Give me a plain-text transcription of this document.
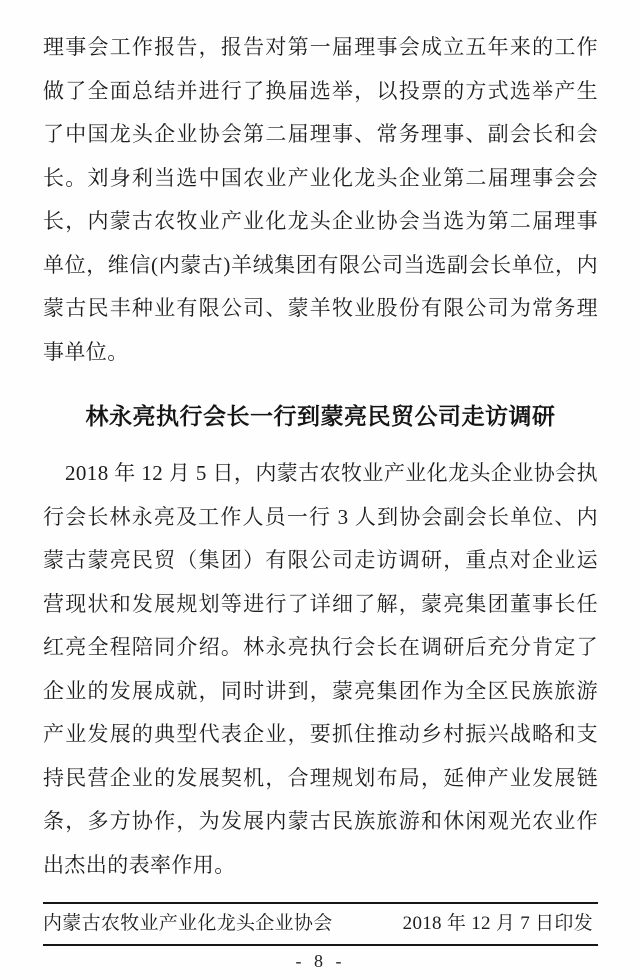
理事会工作报告，报告对第一届理事会成立五年来的工作做了全面总结并进行了换届选举，以投票的方式选举产生了中国龙头企业协会第二届理事、常务理事、副会长和会长。刘身利当选中国农业产业化龙头企业第二届理事会会长，内蒙古农牧业产业化龙头企业协会当选为第二届理事单位，维信(内蒙古)羊绒集团有限公司当选副会长单位，内蒙古民丰种业有限公司、蒙羊牧业股份有限公司为常务理事单位。

林永亮执行会长一行到蒙亮民贸公司走访调研

2018 年 12 月 5 日，内蒙古农牧业产业化龙头企业协会执行会长林永亮及工作人员一行 3 人到协会副会长单位、内蒙古蒙亮民贸（集团）有限公司走访调研，重点对企业运营现状和发展规划等进行了详细了解，蒙亮集团董事长任红亮全程陪同介绍。林永亮执行会长在调研后充分肯定了企业的发展成就，同时讲到，蒙亮集团作为全区民族旅游产业发展的典型代表企业，要抓住推动乡村振兴战略和支持民营企业的发展契机，合理规划布局，延伸产业发展链条，多方协作，为发展内蒙古民族旅游和休闲观光农业作出杰出的表率作用。

内蒙古农牧业产业化龙头企业协会	2018 年 12 月 7 日印发
- 8 -
